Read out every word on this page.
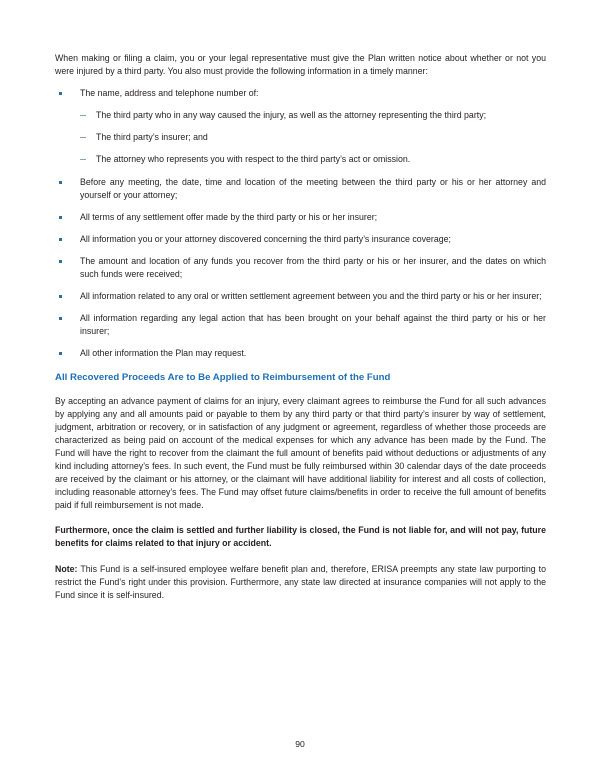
When making or filing a claim, you or your legal representative must give the Plan written notice about whether or not you were injured by a third party. You also must provide the following information in a timely manner:

The name, address and telephone number of:
The third party who in any way caused the injury, as well as the attorney representing the third party;
The third party’s insurer; and
The attorney who represents you with respect to the third party’s act or omission.
Before any meeting, the date, time and location of the meeting between the third party or his or her attorney and yourself or your attorney;
All terms of any settlement offer made by the third party or his or her insurer;
All information you or your attorney discovered concerning the third party’s insurance coverage;
The amount and location of any funds you recover from the third party or his or her insurer, and the dates on which such funds were received;
All information related to any oral or written settlement agreement between you and the third party or his or her insurer;
All information regarding any legal action that has been brought on your behalf against the third party or his or her insurer;
All other information the Plan may request.
All Recovered Proceeds Are to Be Applied to Reimbursement of the Fund

By accepting an advance payment of claims for an injury, every claimant agrees to reimburse the Fund for all such advances by applying any and all amounts paid or payable to them by any third party or that third party’s insurer by way of settlement, judgment, arbitration or recovery, or in satisfaction of any judgment or agreement, regardless of whether those proceeds are characterized as being paid on account of the medical expenses for which any advance has been made by the Fund. The Fund will have the right to recover from the claimant the full amount of benefits paid without deductions or adjustments of any kind including attorney’s fees. In such event, the Fund must be fully reimbursed within 30 calendar days of the date proceeds are received by the claimant or his attorney, or the claimant will have additional liability for interest and all costs of collection, including reasonable attorney’s fees. The Fund may offset future claims/benefits in order to receive the full amount of benefits paid if full reimbursement is not made.

Furthermore, once the claim is settled and further liability is closed, the Fund is not liable for, and will not pay, future benefits for claims related to that injury or accident.

Note: This Fund is a self-insured employee welfare benefit plan and, therefore, ERISA preempts any state law purporting to restrict the Fund’s right under this provision. Furthermore, any state law directed at insurance companies will not apply to the Fund since it is self-insured.

90
